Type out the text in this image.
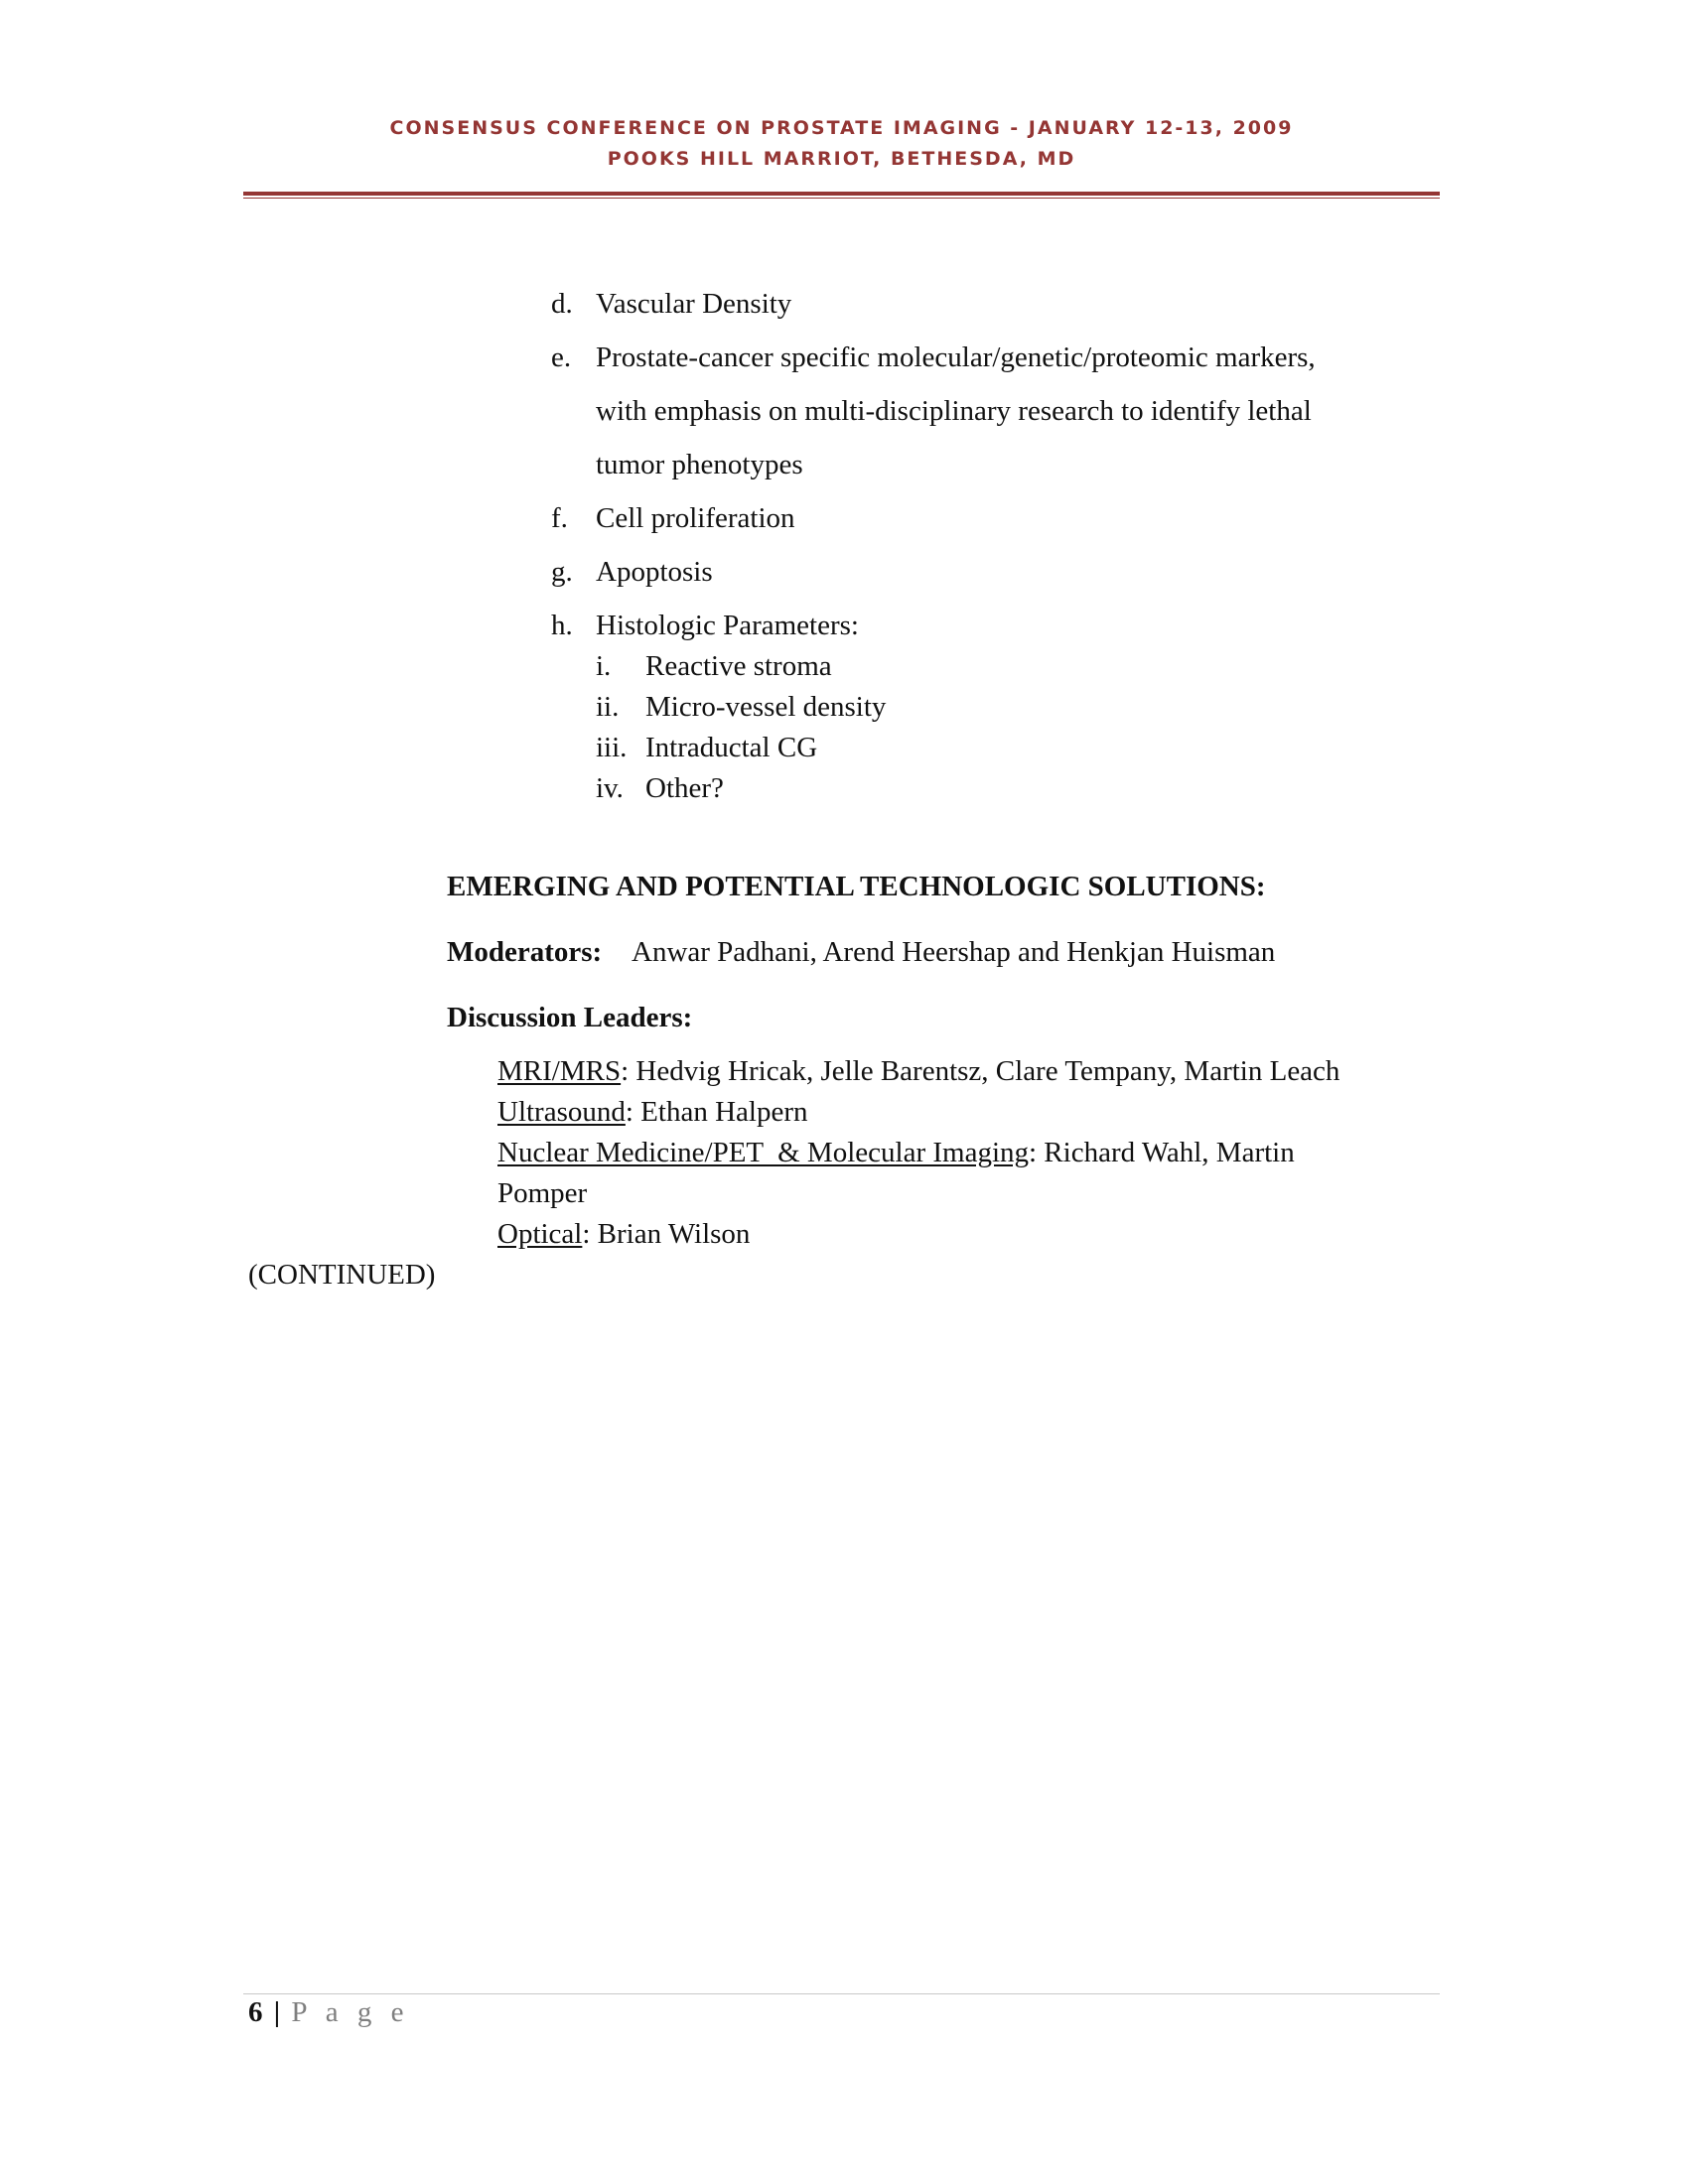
CONSENSUS CONFERENCE ON PROSTATE IMAGING - JANUARY 12-13, 2009
POOKS HILL MARRIOT, BETHESDA, MD
d. Vascular Density
e. Prostate-cancer specific molecular/genetic/proteomic markers,
with emphasis on multi-disciplinary research to identify lethal
tumor phenotypes
f. Cell proliferation
g. Apoptosis
h. Histologic Parameters:
i. Reactive stroma
ii. Micro-vessel density
iii. Intraductal CG
iv. Other?
EMERGING AND POTENTIAL TECHNOLOGIC SOLUTIONS:
Moderators: Anwar Padhani, Arend Heershap and Henkjan Huisman
Discussion Leaders:
MRI/MRS: Hedvig Hricak, Jelle Barentsz, Clare Tempany, Martin Leach
Ultrasound: Ethan Halpern
Nuclear Medicine/PET  & Molecular Imaging: Richard Wahl, Martin
Pomper
Optical: Brian Wilson
(CONTINUED)
6 | P a g e
